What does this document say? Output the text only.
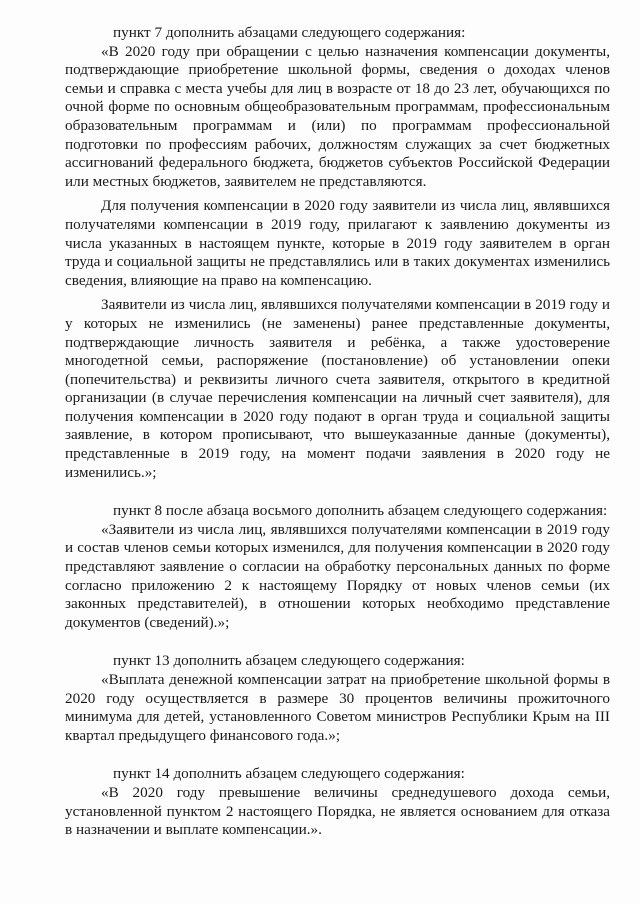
пункт 7 дополнить абзацами следующего содержания:

«В 2020 году при обращении с целью назначения компенсации документы, подтверждающие приобретение школьной формы, сведения о доходах членов семьи и справка с места учебы для лиц в возрасте от 18 до 23 лет, обучающихся по очной форме по основным общеобразовательным программам, профессиональным образовательным программам и (или) по программам профессиональной подготовки по профессиям рабочих, должностям служащих за счет бюджетных ассигнований федерального бюджета, бюджетов субъектов Российской Федерации или местных бюджетов, заявителем не представляются.

Для получения компенсации в 2020 году заявители из числа лиц, являвшихся получателями компенсации в 2019 году, прилагают к заявлению документы из числа указанных в настоящем пункте, которые в 2019 году заявителем в орган труда и социальной защиты не представлялись или в таких документах изменились сведения, влияющие на право на компенсацию.

Заявители из числа лиц, являвшихся получателями компенсации в 2019 году и у которых не изменились (не заменены) ранее представленные документы, подтверждающие личность заявителя и ребёнка, а также удостоверение многодетной семьи, распоряжение (постановление) об установлении опеки (попечительства) и реквизиты личного счета заявителя, открытого в кредитной организации (в случае перечисления компенсации на личный счет заявителя), для получения компенсации в 2020 году подают в орган труда и социальной защиты заявление, в котором прописывают, что вышеуказанные данные (документы), представленные в 2019 году, на момент подачи заявления в 2020 году не изменились.»;

пункт 8 после абзаца восьмого дополнить абзацем следующего содержания:

«Заявители из числа лиц, являвшихся получателями компенсации в 2019 году и состав членов семьи которых изменился, для получения компенсации в 2020 году представляют заявление о согласии на обработку персональных данных по форме согласно приложению 2 к настоящему Порядку от новых членов семьи (их законных представителей), в отношении которых необходимо представление документов (сведений).»;

пункт 13 дополнить абзацем следующего содержания:

«Выплата денежной компенсации затрат на приобретение школьной формы в 2020 году осуществляется в размере 30 процентов величины прожиточного минимума для детей, установленного Советом министров Республики Крым на III квартал предыдущего финансового года.»;

пункт 14 дополнить абзацем следующего содержания:

«В 2020 году превышение величины среднедушевого дохода семьи, установленной пунктом 2 настоящего Порядка, не является основанием для отказа в назначении и выплате компенсации.».
